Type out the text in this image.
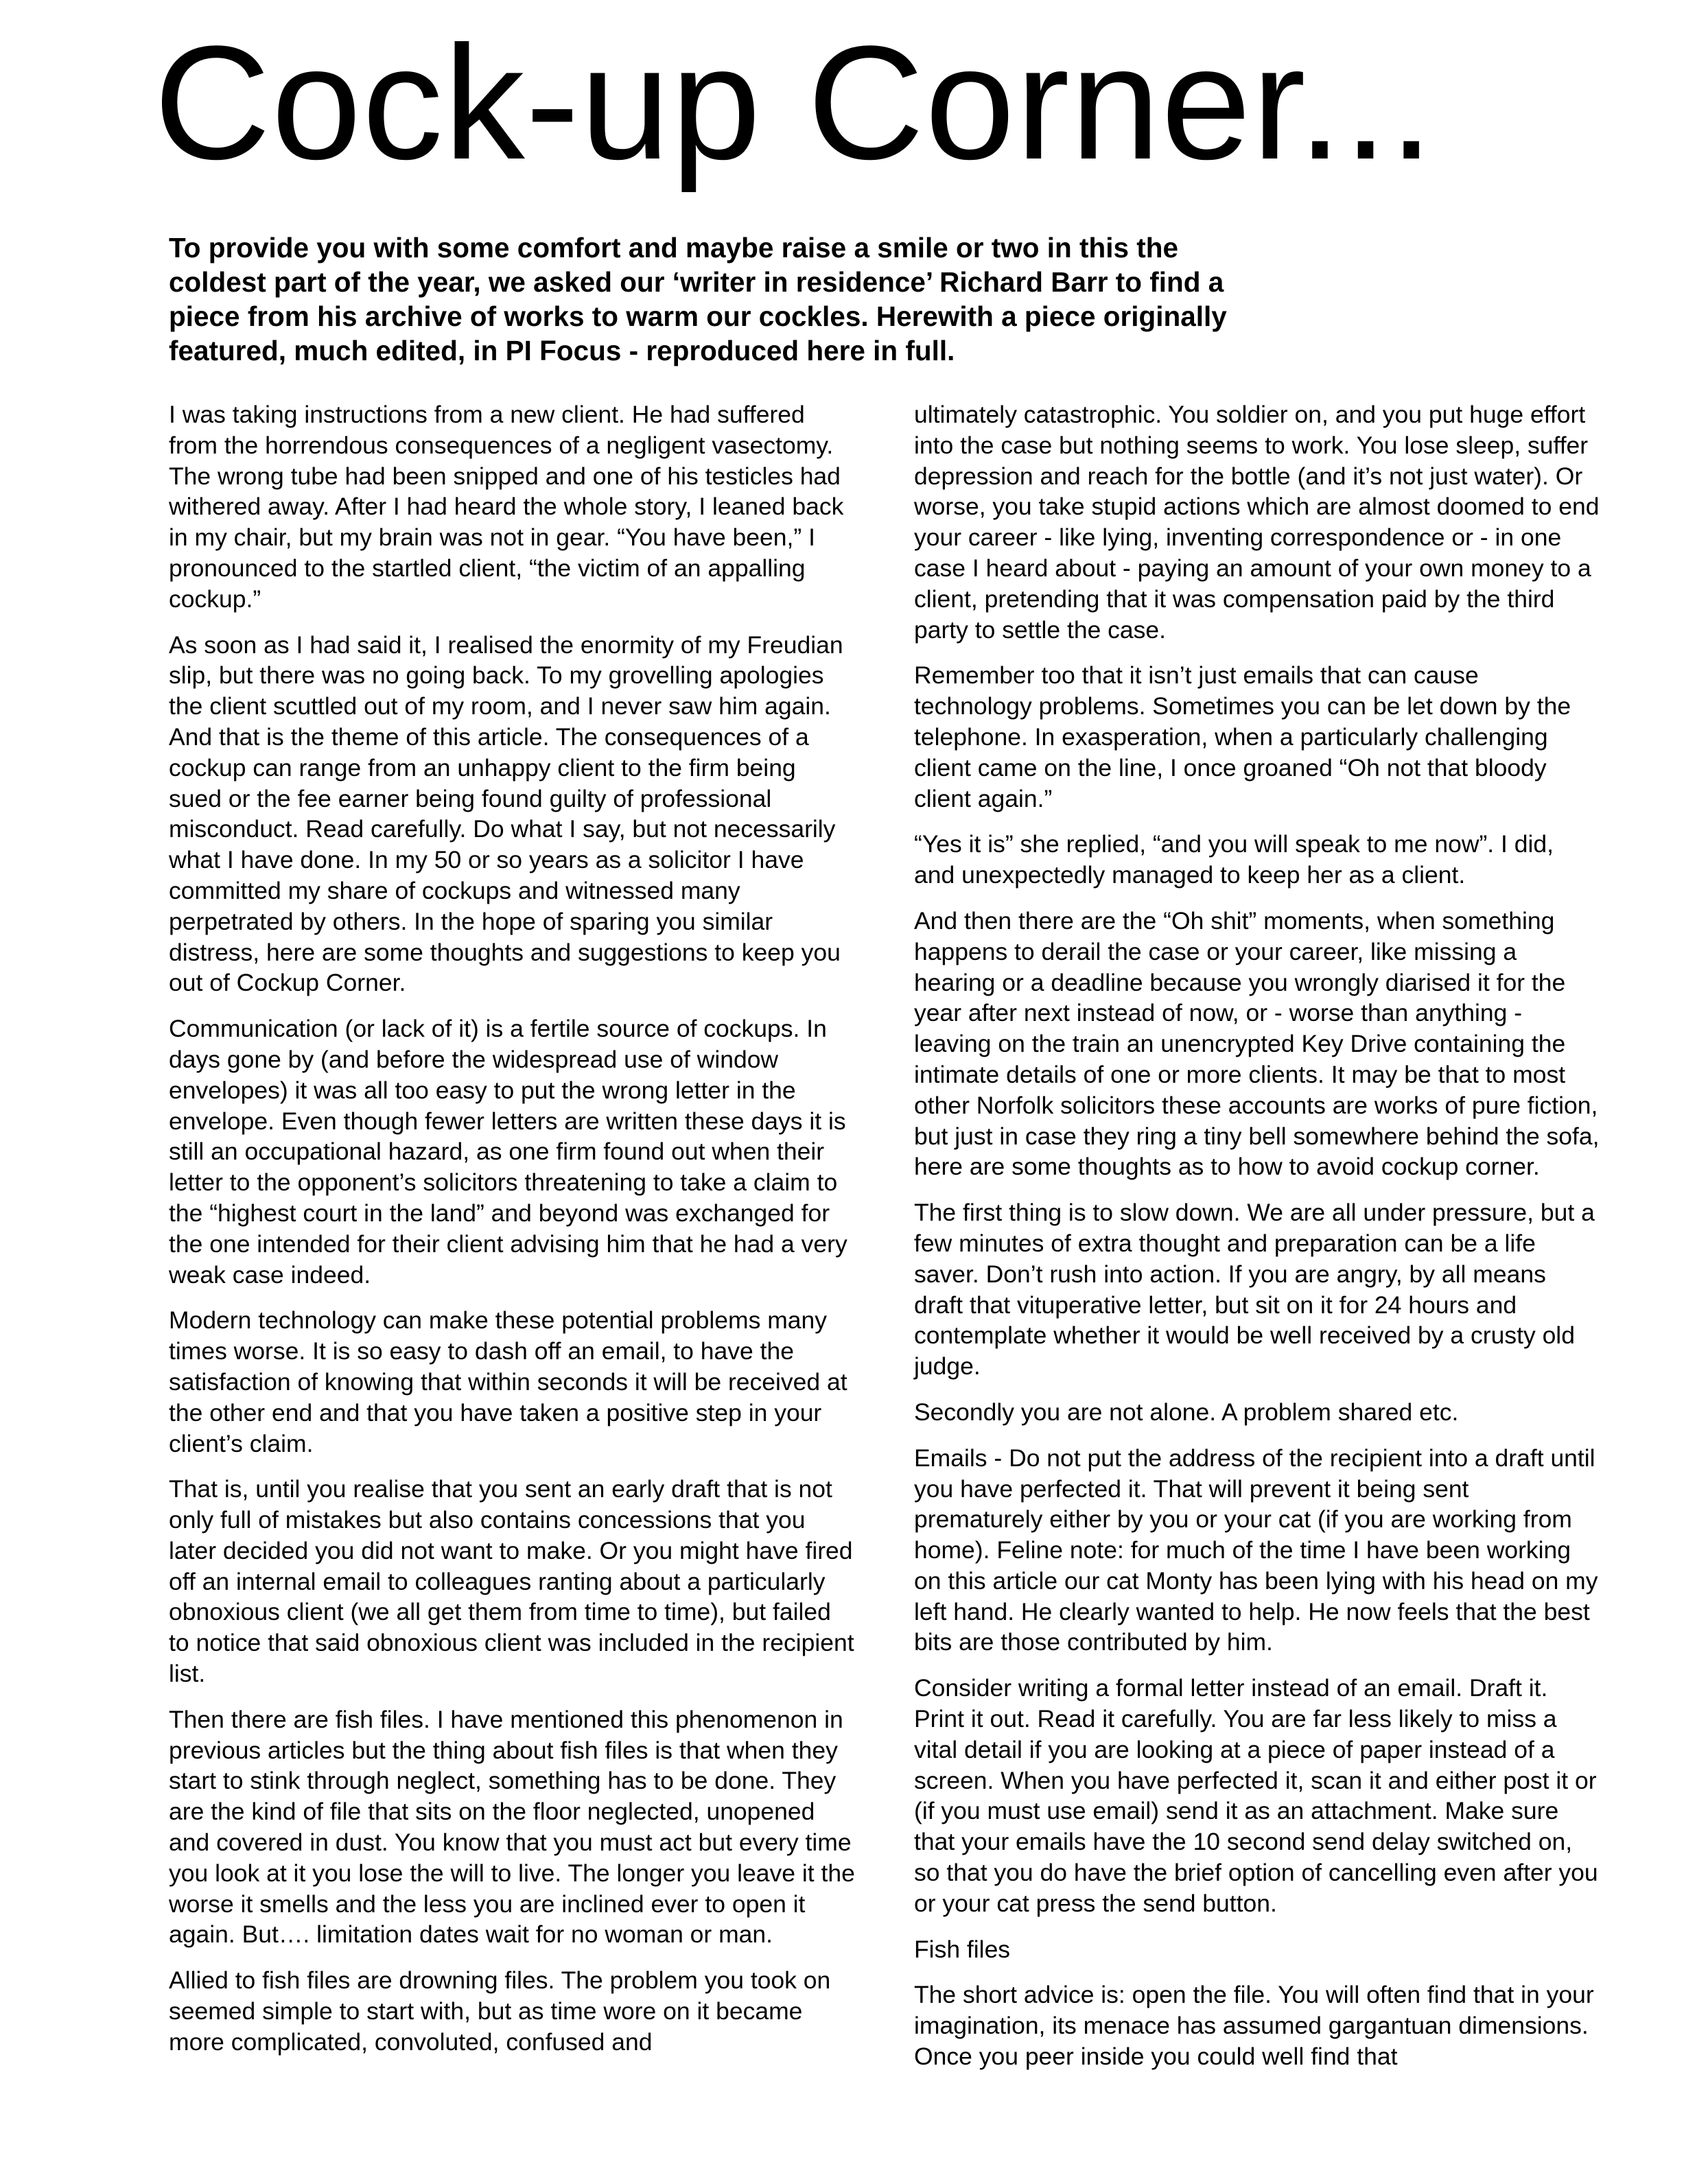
Cock-up Corner...

To provide you with some comfort and maybe raise a smile or two in this the coldest part of the year, we asked our ‘writer in residence’ Richard Barr to find a piece from his archive of works to warm our cockles. Herewith a piece originally featured, much edited, in PI Focus - reproduced here in full.

I was taking instructions from a new client. He had suffered from the horrendous consequences of a negligent vasectomy. The wrong tube had been snipped and one of his testicles had withered away. After I had heard the whole story, I leaned back in my chair, but my brain was not in gear. “You have been,” I pronounced to the startled client, “the victim of an appalling cockup.”

As soon as I had said it, I realised the enormity of my Freudian slip, but there was no going back. To my grovelling apologies the client scuttled out of my room, and I never saw him again. And that is the theme of this article. The consequences of a cockup can range from an unhappy client to the firm being sued or the fee earner being found guilty of professional misconduct. Read carefully. Do what I say, but not necessarily what I have done. In my 50 or so years as a solicitor I have committed my share of cockups and witnessed many perpetrated by others. In the hope of sparing you similar distress, here are some thoughts and suggestions to keep you out of Cockup Corner.

Communication (or lack of it) is a fertile source of cockups. In days gone by (and before the widespread use of window envelopes) it was all too easy to put the wrong letter in the envelope. Even though fewer letters are written these days it is still an occupational hazard, as one firm found out when their letter to the opponent’s solicitors threatening to take a claim to the “highest court in the land” and beyond was exchanged for the one intended for their client advising him that he had a very weak case indeed.

Modern technology can make these potential problems many times worse. It is so easy to dash off an email, to have the satisfaction of knowing that within seconds it will be received at the other end and that you have taken a positive step in your client’s claim.

That is, until you realise that you sent an early draft that is not only full of mistakes but also contains concessions that you later decided you did not want to make. Or you might have fired off an internal email to colleagues ranting about a particularly obnoxious client (we all get them from time to time), but failed to notice that said obnoxious client was included in the recipient list.

Then there are fish files. I have mentioned this phenomenon in previous articles but the thing about fish files is that when they start to stink through neglect, something has to be done. They are the kind of file that sits on the floor neglected, unopened and covered in dust. You know that you must act but every time you look at it you lose the will to live. The longer you leave it the worse it smells and the less you are inclined ever to open it again. But…. limitation dates wait for no woman or man.

Allied to fish files are drowning files. The problem you took on seemed simple to start with, but as time wore on it became more complicated, convoluted, confused and

ultimately catastrophic. You soldier on, and you put huge effort into the case but nothing seems to work. You lose sleep, suffer depression and reach for the bottle (and it’s not just water). Or worse, you take stupid actions which are almost doomed to end your career - like lying, inventing correspondence or - in one case I heard about - paying an amount of your own money to a client, pretending that it was compensation paid by the third party to settle the case.

Remember too that it isn’t just emails that can cause technology problems. Sometimes you can be let down by the telephone. In exasperation, when a particularly challenging client came on the line, I once groaned “Oh not that bloody client again.”

“Yes it is” she replied, “and you will speak to me now”. I did, and unexpectedly managed to keep her as a client.

And then there are the “Oh shit” moments, when something happens to derail the case or your career, like missing a hearing or a deadline because you wrongly diarised it for the year after next instead of now, or - worse than anything - leaving on the train an unencrypted Key Drive containing the intimate details of one or more clients. It may be that to most other Norfolk solicitors these accounts are works of pure fiction, but just in case they ring a tiny bell somewhere behind the sofa, here are some thoughts as to how to avoid cockup corner.

The first thing is to slow down. We are all under pressure, but a few minutes of extra thought and preparation can be a life saver. Don’t rush into action. If you are angry, by all means draft that vituperative letter, but sit on it for 24 hours and contemplate whether it would be well received by a crusty old judge.

Secondly you are not alone. A problem shared etc.

Emails - Do not put the address of the recipient into a draft until you have perfected it. That will prevent it being sent prematurely either by you or your cat (if you are working from home). Feline note: for much of the time I have been working on this article our cat Monty has been lying with his head on my left hand. He clearly wanted to help. He now feels that the best bits are those contributed by him.

Consider writing a formal letter instead of an email. Draft it. Print it out. Read it carefully. You are far less likely to miss a vital detail if you are looking at a piece of paper instead of a screen. When you have perfected it, scan it and either post it or (if you must use email) send it as an attachment. Make sure that your emails have the 10 second send delay switched on, so that you do have the brief option of cancelling even after you or your cat press the send button.

Fish files

The short advice is: open the file. You will often find that in your imagination, its menace has assumed gargantuan dimensions. Once you peer inside you could well find that
